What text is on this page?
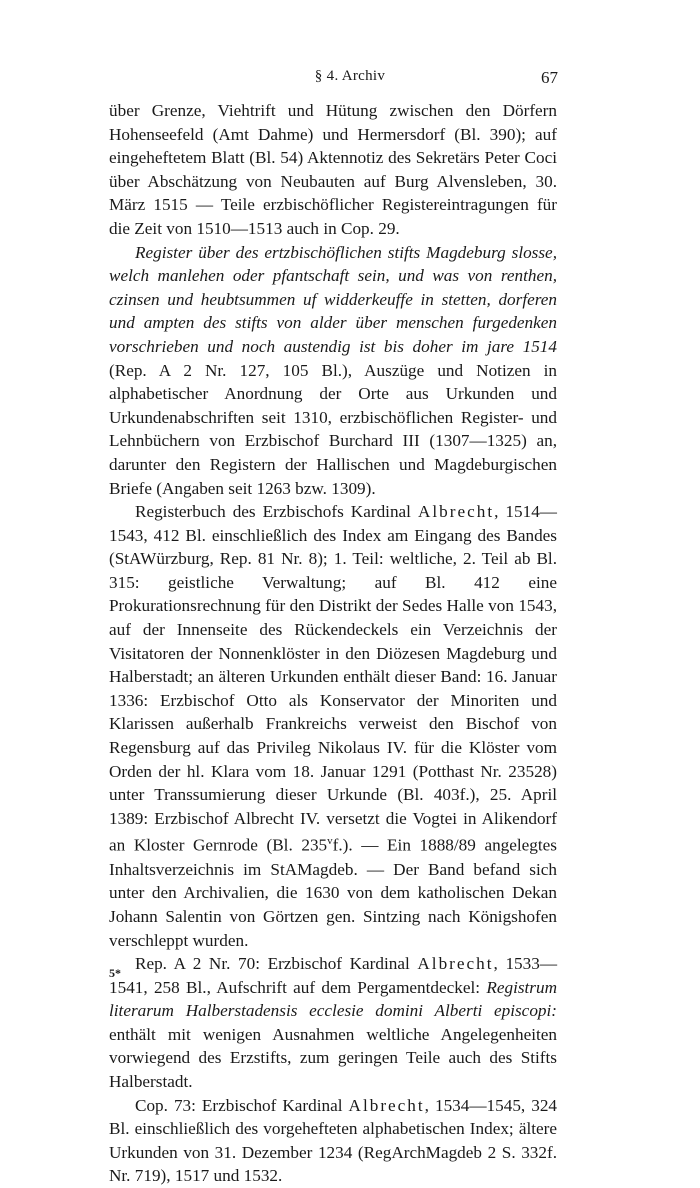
§ 4. Archiv	67

über Grenze, Viehtrift und Hütung zwischen den Dörfern Hohenseefeld (Amt Dahme) und Hermersdorf (Bl. 390); auf eingeheftetem Blatt (Bl. 54) Aktennotiz des Sekretärs Peter Coci über Abschätzung von Neubauten auf Burg Alvensleben, 30. März 1515 — Teile erzbischöflicher Registereintragungen für die Zeit von 1510—1513 auch in Cop. 29.

Register über des ertzbischöflichen stifts Magdeburg slosse, welch manlehen oder pfantschaft sein, und was von renthen, czinsen und heubtsummen uf widderkeuffe in stetten, dorferen und ampten des stifts von alder über menschen furgedenken vorschrieben und noch austendig ist bis doher im jare 1514 (Rep. A 2 Nr. 127, 105 Bl.), Auszüge und Notizen in alphabetischer Anordnung der Orte aus Urkunden und Urkundenabschriften seit 1310, erzbischöflichen Register- und Lehnbüchern von Erzbischof Burchard III (1307—1325) an, darunter den Registern der Hallischen und Magdeburgischen Briefe (Angaben seit 1263 bzw. 1309).

Registerbuch des Erzbischofs Kardinal Albrecht, 1514—1543, 412 Bl. einschließlich des Index am Eingang des Bandes (StAWürzburg, Rep. 81 Nr. 8); 1. Teil: weltliche, 2. Teil ab Bl. 315: geistliche Verwaltung; auf Bl. 412 eine Prokurationsrechnung für den Distrikt der Sedes Halle von 1543, auf der Innenseite des Rückendeckels ein Verzeichnis der Visitatoren der Nonnenklöster in den Diözesen Magdeburg und Halberstadt; an älteren Urkunden enthält dieser Band: 16. Januar 1336: Erzbischof Otto als Konservator der Minoriten und Klarissen außerhalb Frankreichs verweist den Bischof von Regensburg auf das Privileg Nikolaus IV. für die Klöster vom Orden der hl. Klara vom 18. Januar 1291 (Potthast Nr. 23528) unter Transsumierung dieser Urkunde (Bl. 403f.), 25. April 1389: Erzbischof Albrecht IV. versetzt die Vogtei in Alikendorf an Kloster Gernrode (Bl. 235$^v$f.). — Ein 1888/89 angelegtes Inhaltsverzeichnis im StAMagdeb. — Der Band befand sich unter den Archivalien, die 1630 von dem katholischen Dekan Johann Salentin von Görtzen gen. Sintzing nach Königshofen verschleppt wurden.

Rep. A 2 Nr. 70: Erzbischof Kardinal Albrecht, 1533—1541, 258 Bl., Aufschrift auf dem Pergamentdeckel: Registrum literarum Halberstadensis ecclesie domini Alberti episcopi: enthält mit wenigen Ausnahmen weltliche Angelegenheiten vorwiegend des Erzstifts, zum geringen Teile auch des Stifts Halberstadt.

Cop. 73: Erzbischof Kardinal Albrecht, 1534—1545, 324 Bl. einschließlich des vorgehefteten alphabetischen Index; ältere Urkunden von 31. Dezember 1234 (RegArchMagdeb 2 S. 332f. Nr. 719), 1517 und 1532.

5*
